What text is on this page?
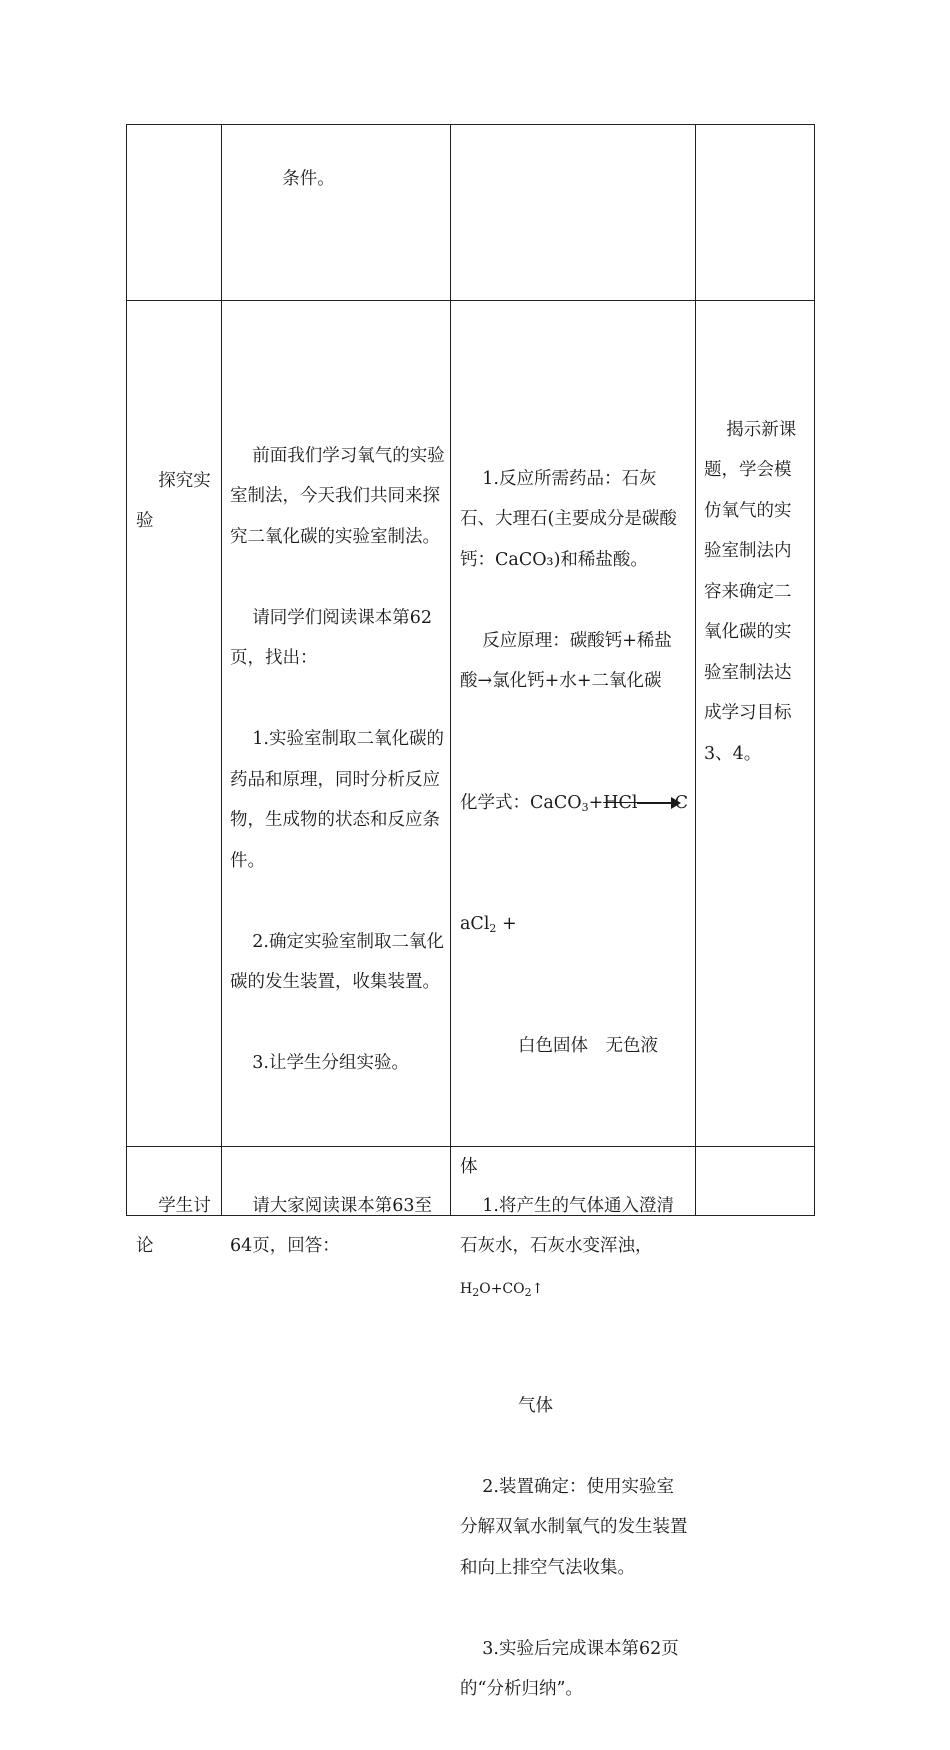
条件。

探究实验

前面我们学习氧气的实验室制法，今天我们共同来探究二氧化碳的实验室制法。

请同学们阅读课本第62页，找出：

1.实验室制取二氧化碳的药品和原理，同时分析反应物，生成物的状态和反应条件。

2.确定实验室制取二氧化碳的发生装置，收集装置。

3.让学生分组实验。

1.反应所需药品：石灰石、大理石(主要成分是碳酸钙：CaCO₃)和稀盐酸。

反应原理：碳酸钙+稀盐酸→氯化钙+水+二氧化碳

化学式：CaCO$_3$+HCl C

aCl$_2$ +

白色固体　无色液

体

$H_2O+CO_2↑$

气体

2.装置确定：使用实验室分解双氧水制氧气的发生装置和向上排空气法收集。

3.实验后完成课本第62页的“分析归纳”。

揭示新课题，学会模仿氧气的实验室制法内容来确定二氧化碳的实验室制法达成学习目标3、4。

学生讨论

请大家阅读课本第63至64页，回答：

1.将产生的气体通入澄清石灰水，石灰水变浑浊，
